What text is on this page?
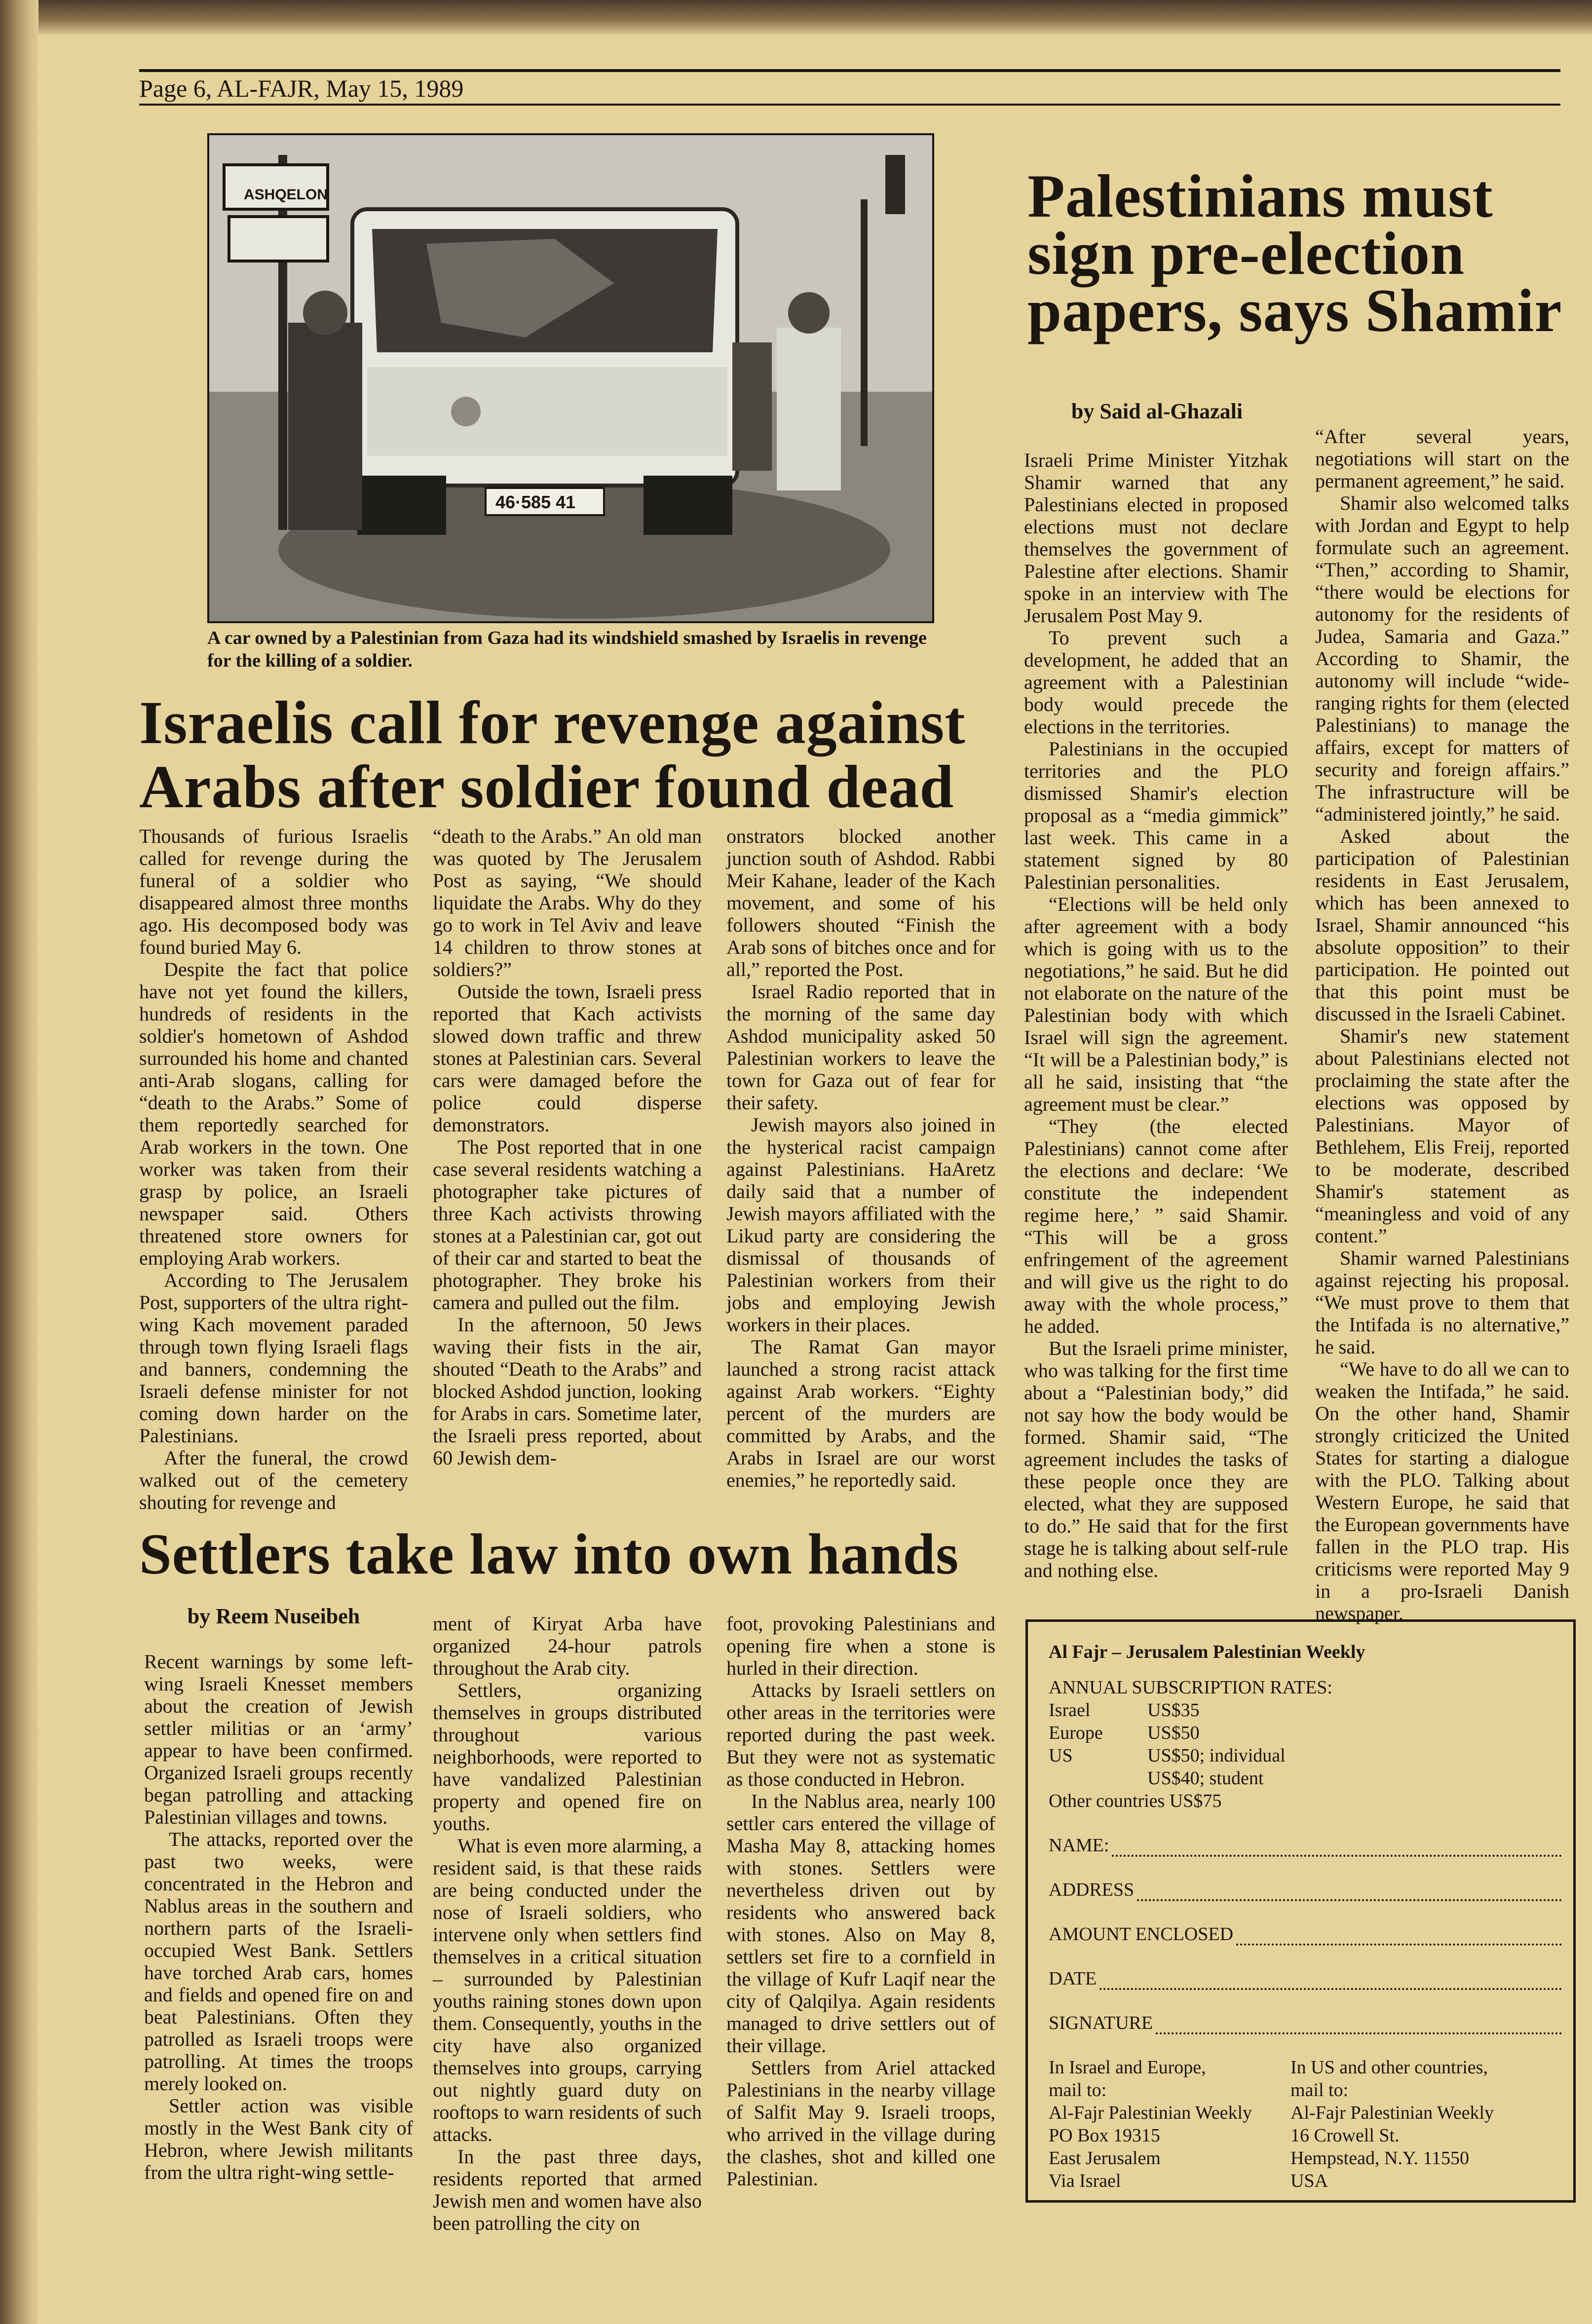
Page 6, AL-FAJR, May 15, 1989
ASHQELON
46·585 41
A car owned by a Palestinian from Gaza had its windshield smashed by Israelis in revenge for the killing of a soldier.
Israelis call for revenge against Arabs after soldier found dead

Thousands of furious Israelis called for revenge during the funeral of a soldier who disappeared almost three months ago. His decomposed body was found buried May 6.

Despite the fact that police have not yet found the killers, hundreds of residents in the soldier's hometown of Ashdod surrounded his home and chanted anti-Arab slogans, calling for “death to the Arabs.” Some of them reportedly searched for Arab workers in the town. One worker was taken from their grasp by police, an Israeli newspaper said. Others threatened store owners for employing Arab workers.

According to The Jerusalem Post, supporters of the ultra right-wing Kach movement paraded through town flying Israeli flags and banners, condemning the Israeli defense minister for not coming down harder on the Palestinians.

After the funeral, the crowd walked out of the cemetery shouting for revenge and

“death to the Arabs.” An old man was quoted by The Jerusalem Post as saying, “We should liquidate the Arabs. Why do they go to work in Tel Aviv and leave 14 children to throw stones at soldiers?”

Outside the town, Israeli press reported that Kach activists slowed down traffic and threw stones at Palestinian cars. Several cars were damaged before the police could disperse demonstrators.

The Post reported that in one case several residents watching a photographer take pictures of three Kach activists throwing stones at a Palestinian car, got out of their car and started to beat the photographer. They broke his camera and pulled out the film.

In the afternoon, 50 Jews waving their fists in the air, shouted “Death to the Arabs” and blocked Ashdod junction, looking for Arabs in cars. Sometime later, the Israeli press reported, about 60 Jewish dem-

onstrators blocked another junction south of Ashdod. Rabbi Meir Kahane, leader of the Kach movement, and some of his followers shouted “Finish the Arab sons of bitches once and for all,” reported the Post.

Israel Radio reported that in the morning of the same day Ashdod municipality asked 50 Palestinian workers to leave the town for Gaza out of fear for their safety.

Jewish mayors also joined in the hysterical racist campaign against Palestinians. HaAretz daily said that a number of Jewish mayors affiliated with the Likud party are considering the dismissal of thousands of Palestinian workers from their jobs and employing Jewish workers in their places.

The Ramat Gan mayor launched a strong racist attack against Arab workers. “Eighty percent of the murders are committed by Arabs, and the Arabs in Israel are our worst enemies,” he reportedly said.

Palestinians must sign pre-election papers, says Shamir
by Said al-Ghazali

Israeli Prime Minister Yitzhak Shamir warned that any Palestinians elected in proposed elections must not declare themselves the government of Palestine after elections. Shamir spoke in an interview with The Jerusalem Post May 9.

To prevent such a development, he added that an agreement with a Palestinian body would precede the elections in the territories.

Palestinians in the occupied territories and the PLO dismissed Shamir's election proposal as a “media gimmick” last week. This came in a statement signed by 80 Palestinian personalities.

“Elections will be held only after agreement with a body which is going with us to the negotiations,” he said. But he did not elaborate on the nature of the Palestinian body with which Israel will sign the agreement. “It will be a Palestinian body,” is all he said, insisting that “the agreement must be clear.”

“They (the elected Palestinians) cannot come after the elections and declare: ‘We constitute the independent regime here,’ ” said Shamir. “This will be a gross enfringement of the agreement and will give us the right to do away with the whole process,” he added.

But the Israeli prime minister, who was talking for the first time about a “Palestinian body,” did not say how the body would be formed. Shamir said, “The agreement includes the tasks of these people once they are elected, what they are supposed to do.” He said that for the first stage he is talking about self-rule and nothing else.

“After several years, negotiations will start on the permanent agreement,” he said.

Shamir also welcomed talks with Jordan and Egypt to help formulate such an agreement. “Then,” according to Shamir, “there would be elections for autonomy for the residents of Judea, Samaria and Gaza.” According to Shamir, the autonomy will include “wide-ranging rights for them (elected Palestinians) to manage the affairs, except for matters of security and foreign affairs.” The infrastructure will be “administered jointly,” he said.

Asked about the participation of Palestinian residents in East Jerusalem, which has been annexed to Israel, Shamir announced “his absolute opposition” to their participation. He pointed out that this point must be discussed in the Israeli Cabinet.

Shamir's new statement about Palestinians elected not proclaiming the state after the elections was opposed by Palestinians. Mayor of Bethlehem, Elis Freij, reported to be moderate, described Shamir's statement as “meaningless and void of any content.”

Shamir warned Palestinians against rejecting his proposal. “We must prove to them that the Intifada is no alternative,” he said.

“We have to do all we can to weaken the Intifada,” he said. On the other hand, Shamir strongly criticized the United States for starting a dialogue with the PLO. Talking about Western Europe, he said that the European governments have fallen in the PLO trap. His criticisms were reported May 9 in a pro-Israeli Danish newspaper.

Settlers take law into own hands
by Reem Nuseibeh

Recent warnings by some left-wing Israeli Knesset members about the creation of Jewish settler militias or an ‘army’ appear to have been confirmed. Organized Israeli groups recently began patrolling and attacking Palestinian villages and towns.

The attacks, reported over the past two weeks, were concentrated in the Hebron and Nablus areas in the southern and northern parts of the Israeli-occupied West Bank. Settlers have torched Arab cars, homes and fields and opened fire on and beat Palestinians. Often they patrolled as Israeli troops were patrolling. At times the troops merely looked on.

Settler action was visible mostly in the West Bank city of Hebron, where Jewish militants from the ultra right-wing settle-

ment of Kiryat Arba have organized 24-hour patrols throughout the Arab city.

Settlers, organizing themselves in groups distributed throughout various neighborhoods, were reported to have vandalized Palestinian property and opened fire on youths.

What is even more alarming, a resident said, is that these raids are being conducted under the nose of Israeli soldiers, who intervene only when settlers find themselves in a critical situation – surrounded by Palestinian youths raining stones down upon them. Consequently, youths in the city have also organized themselves into groups, carrying out nightly guard duty on rooftops to warn residents of such attacks.

In the past three days, residents reported that armed Jewish men and women have also been patrolling the city on

foot, provoking Palestinians and opening fire when a stone is hurled in their direction.

Attacks by Israeli settlers on other areas in the territories were reported during the past week. But they were not as systematic as those conducted in Hebron.

In the Nablus area, nearly 100 settler cars entered the village of Masha May 8, attacking homes with stones. Settlers were nevertheless driven out by residents who answered back with stones. Also on May 8, settlers set fire to a cornfield in the village of Kufr Laqif near the city of Qalqilya. Again residents managed to drive settlers out of their village.

Settlers from Ariel attacked Palestinians in the nearby village of Salfit May 9. Israeli troops, who arrived in the village during the clashes, shot and killed one Palestinian.

Al Fajr – Jerusalem Palestinian Weekly
ANNUAL SUBSCRIPTION RATES:
Israel	US$35
Europe	US$50
US	US$50; individual
US$40; student
Other countries US$75
NAME:
ADDRESS
AMOUNT ENCLOSED
DATE
SIGNATURE
In Israel and Europe,
mail to:
Al-Fajr Palestinian Weekly
PO Box 19315
East Jerusalem
Via Israel
In US and other countries,
mail to:
Al-Fajr Palestinian Weekly
16 Crowell St.
Hempstead, N.Y. 11550
USA
